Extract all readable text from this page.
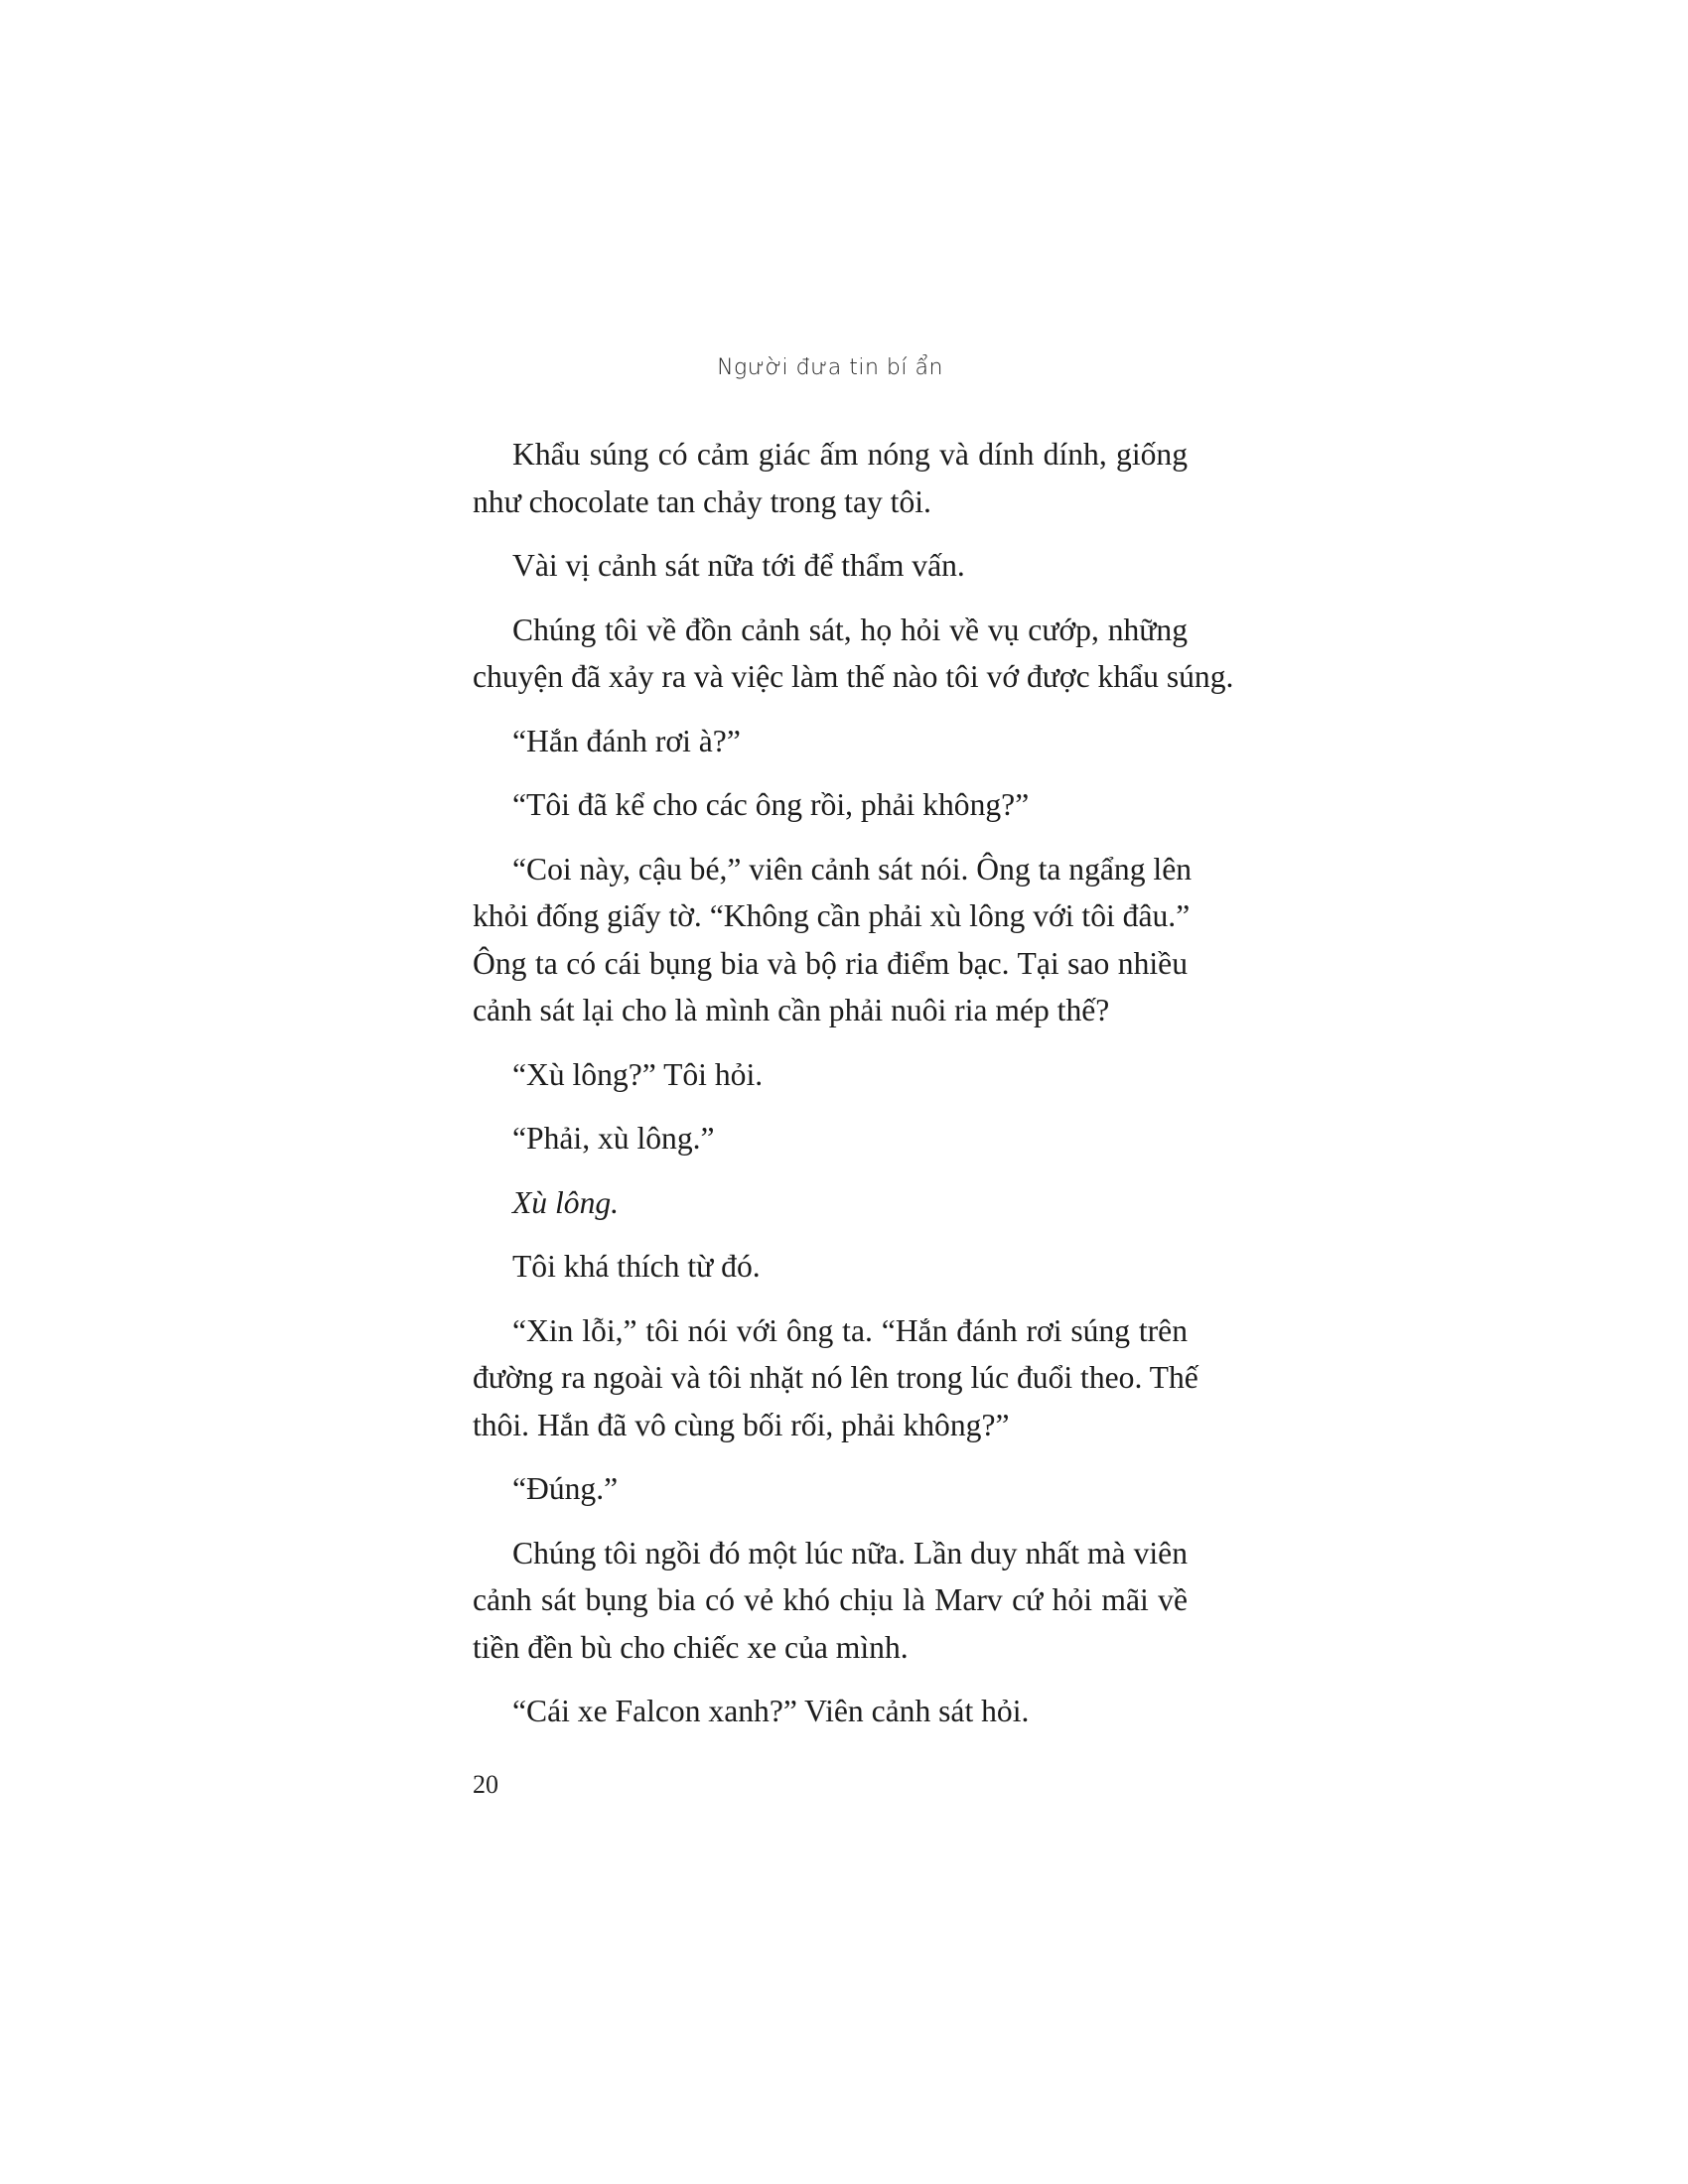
Người đưa tin bí ẩn
Khẩu súng có cảm giác ấm nóng và dính dính, giống
như chocolate tan chảy trong tay tôi.
Vài vị cảnh sát nữa tới để thẩm vấn.
Chúng tôi về đồn cảnh sát, họ hỏi về vụ cướp, những
chuyện đã xảy ra và việc làm thế nào tôi vớ được khẩu súng.
“Hắn đánh rơi à?”
“Tôi đã kể cho các ông rồi, phải không?”
“Coi này, cậu bé,” viên cảnh sát nói. Ông ta ngẩng lên
khỏi đống giấy tờ. “Không cần phải xù lông với tôi đâu.”
Ông ta có cái bụng bia và bộ ria điểm bạc. Tại sao nhiều
cảnh sát lại cho là mình cần phải nuôi ria mép thế?
“Xù lông?” Tôi hỏi.
“Phải, xù lông.”
Xù lông.
Tôi khá thích từ đó.
“Xin lỗi,” tôi nói với ông ta. “Hắn đánh rơi súng trên
đường ra ngoài và tôi nhặt nó lên trong lúc đuổi theo. Thế
thôi. Hắn đã vô cùng bối rối, phải không?”
“Đúng.”
Chúng tôi ngồi đó một lúc nữa. Lần duy nhất mà viên
cảnh sát bụng bia có vẻ khó chịu là Marv cứ hỏi mãi về
tiền đền bù cho chiếc xe của mình.
“Cái xe Falcon xanh?” Viên cảnh sát hỏi.
20
